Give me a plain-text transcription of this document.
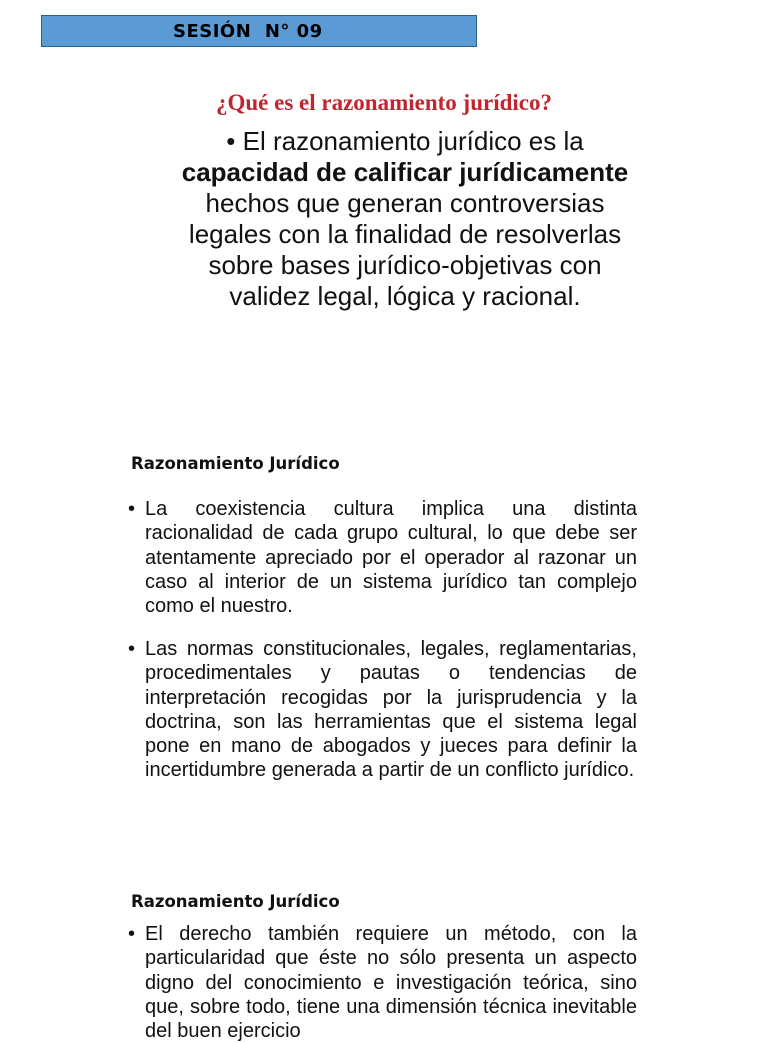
SESIÓN  N° 09
¿Qué es el razonamiento jurídico?
• El razonamiento jurídico es la capacidad de calificar jurídicamente hechos que generan controversias legales con la finalidad de resolverlas sobre bases jurídico-objetivas con validez legal, lógica y racional.
Razonamiento Jurídico
• La coexistencia cultura implica una distinta racionalidad de cada grupo cultural, lo que debe ser atentamente apreciado por el operador al razonar un caso al interior de un sistema jurídico tan complejo como el nuestro.
• Las normas constitucionales, legales, reglamentarias, procedimentales y pautas o tendencias de interpretación recogidas por la jurisprudencia y la doctrina, son las herramientas que el sistema legal pone en mano de abogados y jueces para definir la incertidumbre generada a partir de un conflicto jurídico.
Razonamiento Jurídico
• El derecho también requiere un método, con la particularidad que éste no sólo presenta un aspecto digno del conocimiento e investigación teórica, sino que, sobre todo, tiene una dimensión técnica inevitable del buen ejercicio
